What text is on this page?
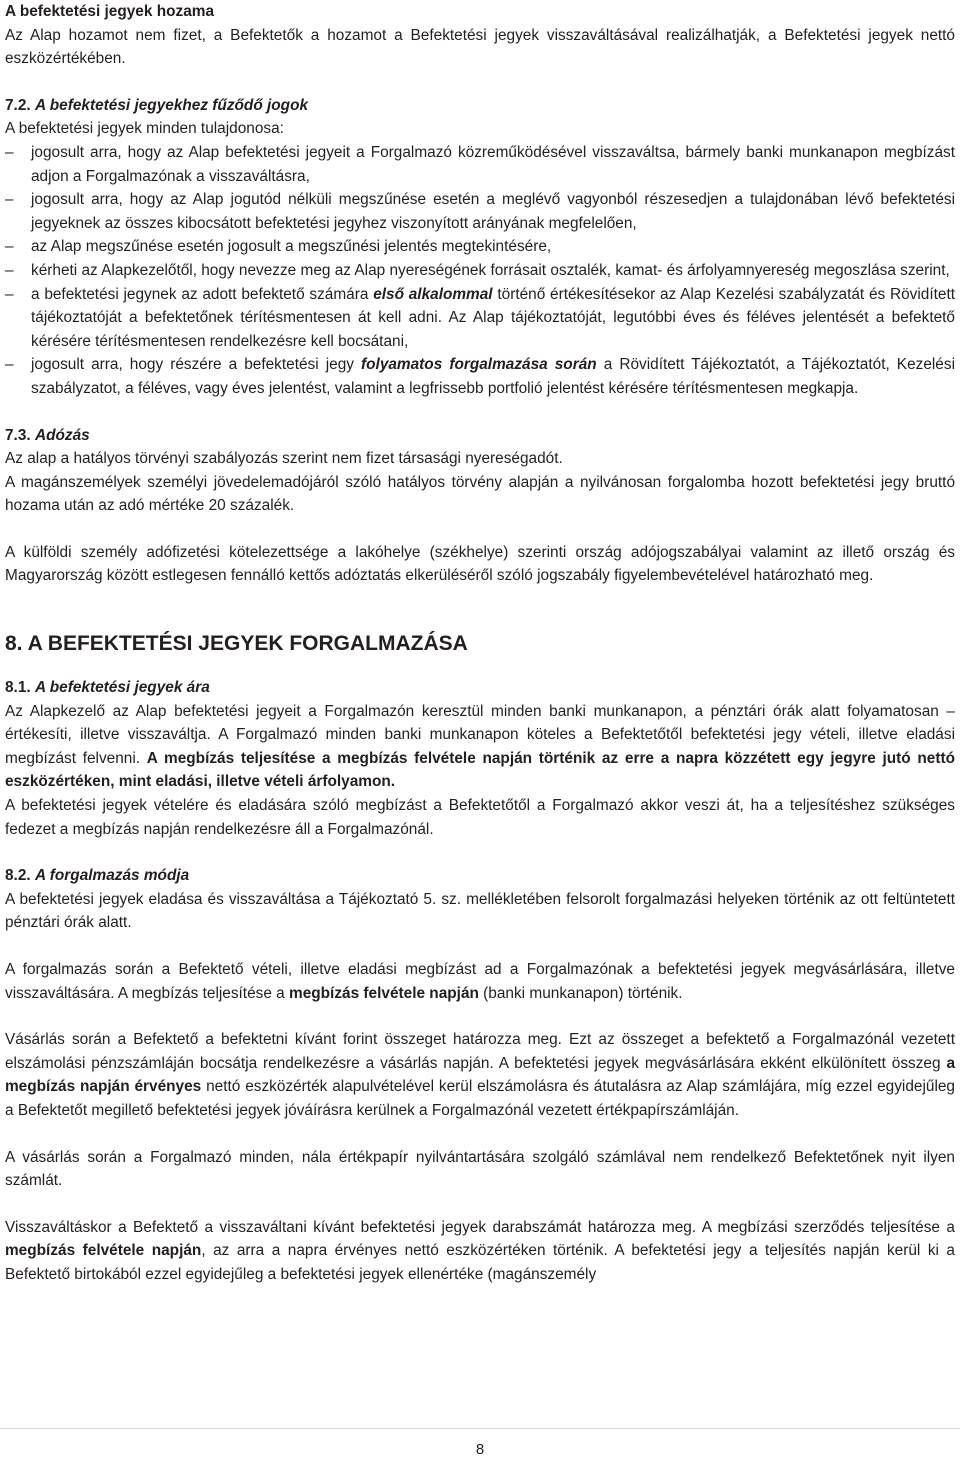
A befektetési jegyek hozama

Az Alap hozamot nem fizet, a Befektetők a hozamot a Befektetési jegyek visszaváltásával realizálhatják, a Befektetési jegyek nettó eszközértékében.

7.2. A befektetési jegyekhez fűződő jogok

A befektetési jegyek minden tulajdonosa:

– jogosult arra, hogy az Alap befektetési jegyeit a Forgalmazó közreműködésével visszaváltsa, bármely banki munkanapon megbízást adjon a Forgalmazónak a visszaváltásra,
– jogosult arra, hogy az Alap jogutód nélküli megszűnése esetén a meglévő vagyonból részesedjen a tulajdonában lévő befektetési jegyeknek az összes kibocsátott befektetési jegyhez viszonyított arányának megfelelően,
– az Alap megszűnése esetén jogosult a megszűnési jelentés megtekintésére,
– kérheti az Alapkezelőtől, hogy nevezze meg az Alap nyereségének forrásait osztalék, kamat- és árfolyamnyereség megoszlása szerint,
– a befektetési jegynek az adott befektető számára első alkalommal történő értékesítésekor az Alap Kezelési szabályzatát és Rövidített tájékoztatóját a befektetőnek térítésmentesen át kell adni. Az Alap tájékoztatóját, legutóbbi éves és féléves jelentését a befektető kérésére térítésmentesen rendelkezésre kell bocsátani,
– jogosult arra, hogy részére a befektetési jegy folyamatos forgalmazása során a Rövidített Tájékoztatót, a Tájékoztatót, Kezelési szabályzatot, a féléves, vagy éves jelentést, valamint a legfrissebb portfolió jelentést kérésére térítésmentesen megkapja.

7.3. Adózás

Az alap a hatályos törvényi szabályozás szerint nem fizet társasági nyereségadót.

A magánszemélyek személyi jövedelemadójáról szóló hatályos törvény alapján a nyilvánosan forgalomba hozott befektetési jegy bruttó hozama után az adó mértéke 20 százalék.

A külföldi személy adófizetési kötelezettsége a lakóhelye (székhelye) szerinti ország adójogszabályai valamint az illető ország és Magyarország között estlegesen fennálló kettős adóztatás elkerüléséről szóló jogszabály figyelembevételével határozható meg.

8. A BEFEKTETÉSI JEGYEK FORGALMAZÁSA

8.1. A befektetési jegyek ára

Az Alapkezelő az Alap befektetési jegyeit a Forgalmazón keresztül minden banki munkanapon, a pénztári órák alatt folyamatosan – értékesíti, illetve visszaváltja. A Forgalmazó minden banki munkanapon köteles a Befektetőtől befektetési jegy vételi, illetve eladási megbízást felvenni. A megbízás teljesítése a megbízás felvétele napján történik az erre a napra közzétett egy jegyre jutó nettó eszközértéken, mint eladási, illetve vételi árfolyamon.

A befektetési jegyek vételére és eladására szóló megbízást a Befektetőtől a Forgalmazó akkor veszi át, ha a teljesítéshez szükséges fedezet a megbízás napján rendelkezésre áll a Forgalmazónál.

8.2. A forgalmazás módja

A befektetési jegyek eladása és visszaváltása a Tájékoztató 5. sz. mellékletében felsorolt forgalmazási helyeken történik az ott feltüntetett pénztári órák alatt.

A forgalmazás során a Befektető vételi, illetve eladási megbízást ad a Forgalmazónak a befektetési jegyek megvásárlására, illetve visszaváltására. A megbízás teljesítése a megbízás felvétele napján (banki munkanapon) történik.

Vásárlás során a Befektető a befektetni kívánt forint összeget határozza meg. Ezt az összeget a befektető a Forgalmazónál vezetett elszámolási pénzszámláján bocsátja rendelkezésre a vásárlás napján. A befektetési jegyek megvásárlására ekként elkülönített összeg a megbízás napján érvényes nettó eszközérték alapulvételével kerül elszámolásra és átutalásra az Alap számlájára, míg ezzel egyidejűleg a Befektetőt megillető befektetési jegyek jóváírásra kerülnek a Forgalmazónál vezetett értékpapírszámláján.

A vásárlás során a Forgalmazó minden, nála értékpapír nyilvántartására szolgáló számlával nem rendelkező Befektetőnek nyit ilyen számlát.

Visszaváltáskor a Befektető a visszaváltani kívánt befektetési jegyek darabszámát határozza meg. A megbízási szerződés teljesítése a megbízás felvétele napján, az arra a napra érvényes nettó eszközértéken történik. A befektetési jegy a teljesítés napján kerül ki a Befektető birtokából ezzel egyidejűleg a befektetési jegyek ellenértéke (magánszemély

8
